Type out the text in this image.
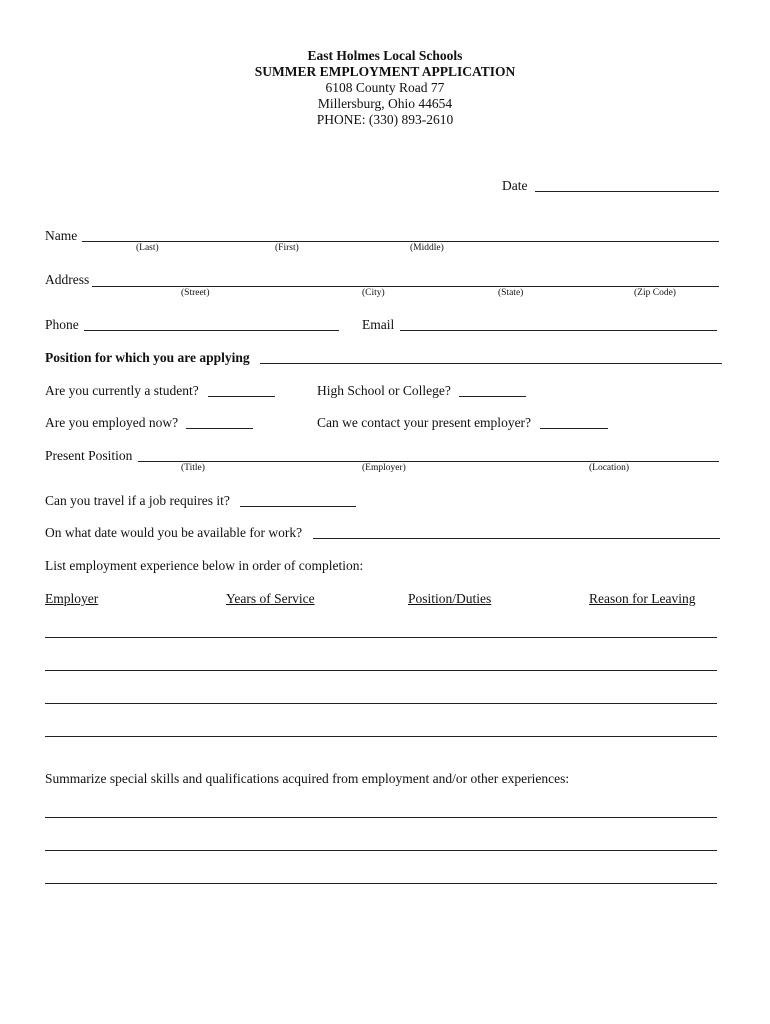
East Holmes Local Schools
SUMMER EMPLOYMENT APPLICATION
6108 County Road 77
Millersburg, Ohio 44654
PHONE: (330) 893-2610
Date
Name
(Last)	(First)	(Middle)
Address
(Street)	(City)	(State)	(Zip Code)
Phone	Email
Position for which you are applying
Are you currently a student?	High School or College?
Are you employed now?	Can we contact your present employer?
Present Position
(Title)	(Employer)	(Location)
Can you travel if a job requires it?
On what date would you be available for work?
List employment experience below in order of completion:
Employer	Years of Service	Position/Duties	Reason for Leaving
Summarize special skills and qualifications acquired from employment and/or other experiences:
